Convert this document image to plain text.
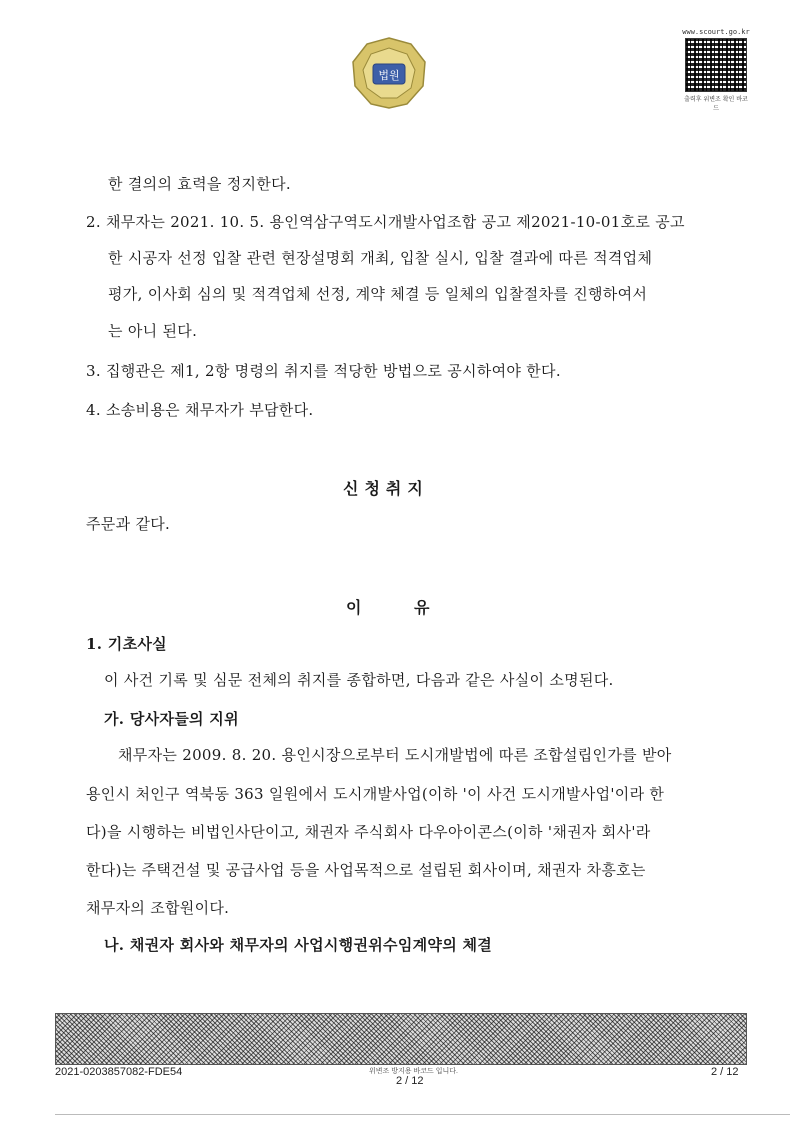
법원
www.scourt.go.kr
출력후 위변조 확인 바코드
한 결의의 효력을 정지한다.
2. 채무자는 2021. 10. 5. 용인역삼구역도시개발사업조합 공고 제2021-10-01호로 공고
한 시공자 선정 입찰 관련 현장설명회 개최, 입찰 실시, 입찰 결과에 따른 적격업체
평가, 이사회 심의 및 적격업체 선정, 계약 체결 등 일체의 입찰절차를 진행하여서
는 아니 된다.
3. 집행관은 제1, 2항 명령의 취지를 적당한 방법으로 공시하여야 한다.
4. 소송비용은 채무자가 부담한다.
신청취지
주문과 같다.
이	유
1. 기초사실
이 사건 기록 및 심문 전체의 취지를 종합하면, 다음과 같은 사실이 소명된다.
가. 당사자들의 지위
채무자는 2009. 8. 20. 용인시장으로부터 도시개발법에 따른 조합설립인가를 받아
용인시 처인구 역북동 363 일원에서 도시개발사업(이하 '이 사건 도시개발사업'이라 한
다)을 시행하는 비법인사단이고, 채권자 주식회사 다우아이콘스(이하 '채권자 회사'라
한다)는 주택건설 및 공급사업 등을 사업목적으로 설립된 회사이며, 채권자 차흥호는
채무자의 조합원이다.
나. 채권자 회사와 채무자의 사업시행권위수임계약의 체결
2021-0203857082-FDE54	위변조 방지용 바코드 입니다.
2 / 12
2 / 12
